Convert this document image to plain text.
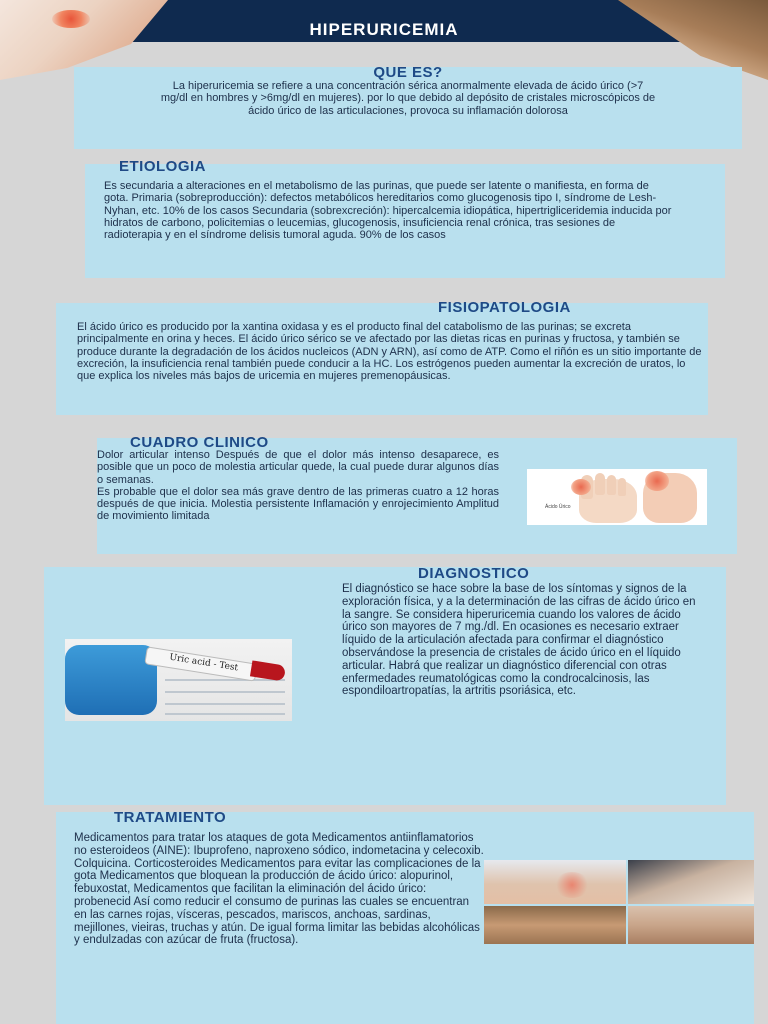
HIPERURICEMIA
QUE ES?

La hiperuricemia se refiere a una concentración sérica anormalmente elevada de ácido úrico (>7 mg/dl en hombres y >6mg/dl en mujeres). por lo que debido al depósito de cristales microscópicos de ácido úrico de las articulaciones, provoca su inflamación dolorosa

ETIOLOGIA

Es secundaria a alteraciones en el metabolismo de las purinas, que puede ser latente o manifiesta, en forma de gota. Primaria (sobreproducción): defectos metabólicos hereditarios como glucogenosis tipo I, síndrome de Lesh-Nyhan, etc. 10% de los casos Secundaria (sobrexcreción): hipercalcemia idiopática, hipertrigliceridemia inducida por hidratos de carbono, policitemias o leucemias, glucogenosis, insuficiencia renal crónica, tras sesiones de radioterapia y en el síndrome delisis tumoral aguda. 90% de los casos

FISIOPATOLOGIA

El ácido úrico es producido por la xantina oxidasa y es el producto final del catabolismo de las purinas; se excreta principalmente en orina y heces. El ácido úrico sérico se ve afectado por las dietas ricas en purinas y fructosa, y también se produce durante la degradación de los ácidos nucleicos (ADN y ARN), así como de ATP. Como el riñón es un sitio importante de excreción, la insuficiencia renal también puede conducir a la HC. Los estrógenos pueden aumentar la excreción de uratos, lo que explica los niveles más bajos de uricemia en mujeres premenopáusicas.

CUADRO CLINICO

Dolor articular intenso Después de que el dolor más intenso desaparece, es posible que un poco de molestia articular quede, la cual puede durar algunos días o semanas.
Es probable que el dolor sea más grave dentro de las primeras cuatro a 12 horas después de que inicia. Molestia persistente Inflamación y enrojecimiento Amplitud de movimiento limitada

Ácido Úrico
DIAGNOSTICO

El diagnóstico se hace sobre la base de los síntomas y signos de la exploración física, y a la determinación de las cifras de ácido úrico en la sangre. Se considera hiperuricemia cuando los valores de ácido úrico son mayores de 7 mg./dl. En ocasiones es necesario extraer líquido de la articulación afectada para confirmar el diagnóstico observándose la presencia de cristales de ácido úrico en el líquido articular. Habrá que realizar un diagnóstico diferencial con otras enfermedades reumatológicas como la condrocalcinosis, las espondiloartropatías, la artritis psoriásica, etc.

Uric acid - Test
TRATAMIENTO

Medicamentos para tratar los ataques de gota Medicamentos antiinflamatorios no esteroideos (AINE): Ibuprofeno, naproxeno sódico, indometacina y celecoxib. Colquicina. Corticosteroides Medicamentos para evitar las complicaciones de la gota Medicamentos que bloquean la producción de ácido úrico: alopurinol, febuxostat, Medicamentos que facilitan la eliminación del ácido úrico: probenecid Así como reducir el consumo de purinas las cuales se encuentran en las carnes rojas, vísceras, pescados, mariscos, anchoas, sardinas, mejillones, vieiras, truchas y atún. De igual forma limitar las bebidas alcohólicas y endulzadas con azúcar de fruta (fructosa).
